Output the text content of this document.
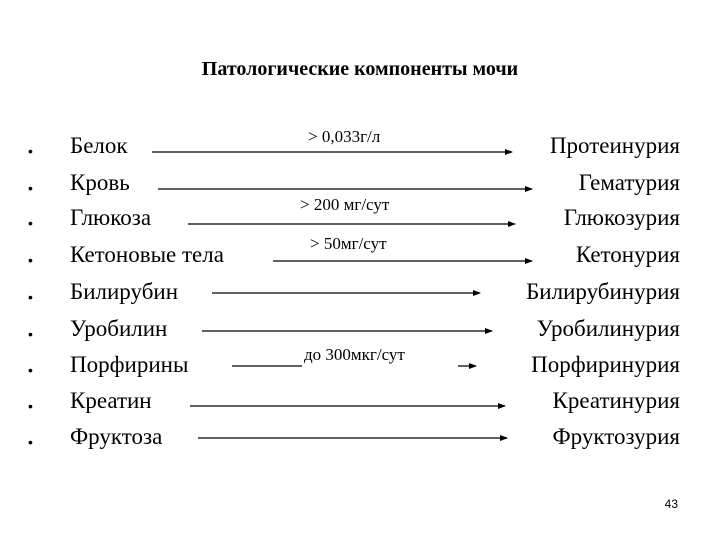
Патологические компоненты мочи
•
•
•
•
•
•
•
•
•
Белок
Кровь
Глюкоза
Кетоновые тела
Билирубин
Уробилин
Порфирины
Креатин
Фруктоза
Протеинурия
Гематурия
Глюкозурия
Кетонурия
Билирубинурия
Уробилинурия
Порфиринурия
Креатинурия
Фруктозурия
> 0,033г/л
> 200 мг/сут
> 50мг/сут
до 300мкг/сут
43
